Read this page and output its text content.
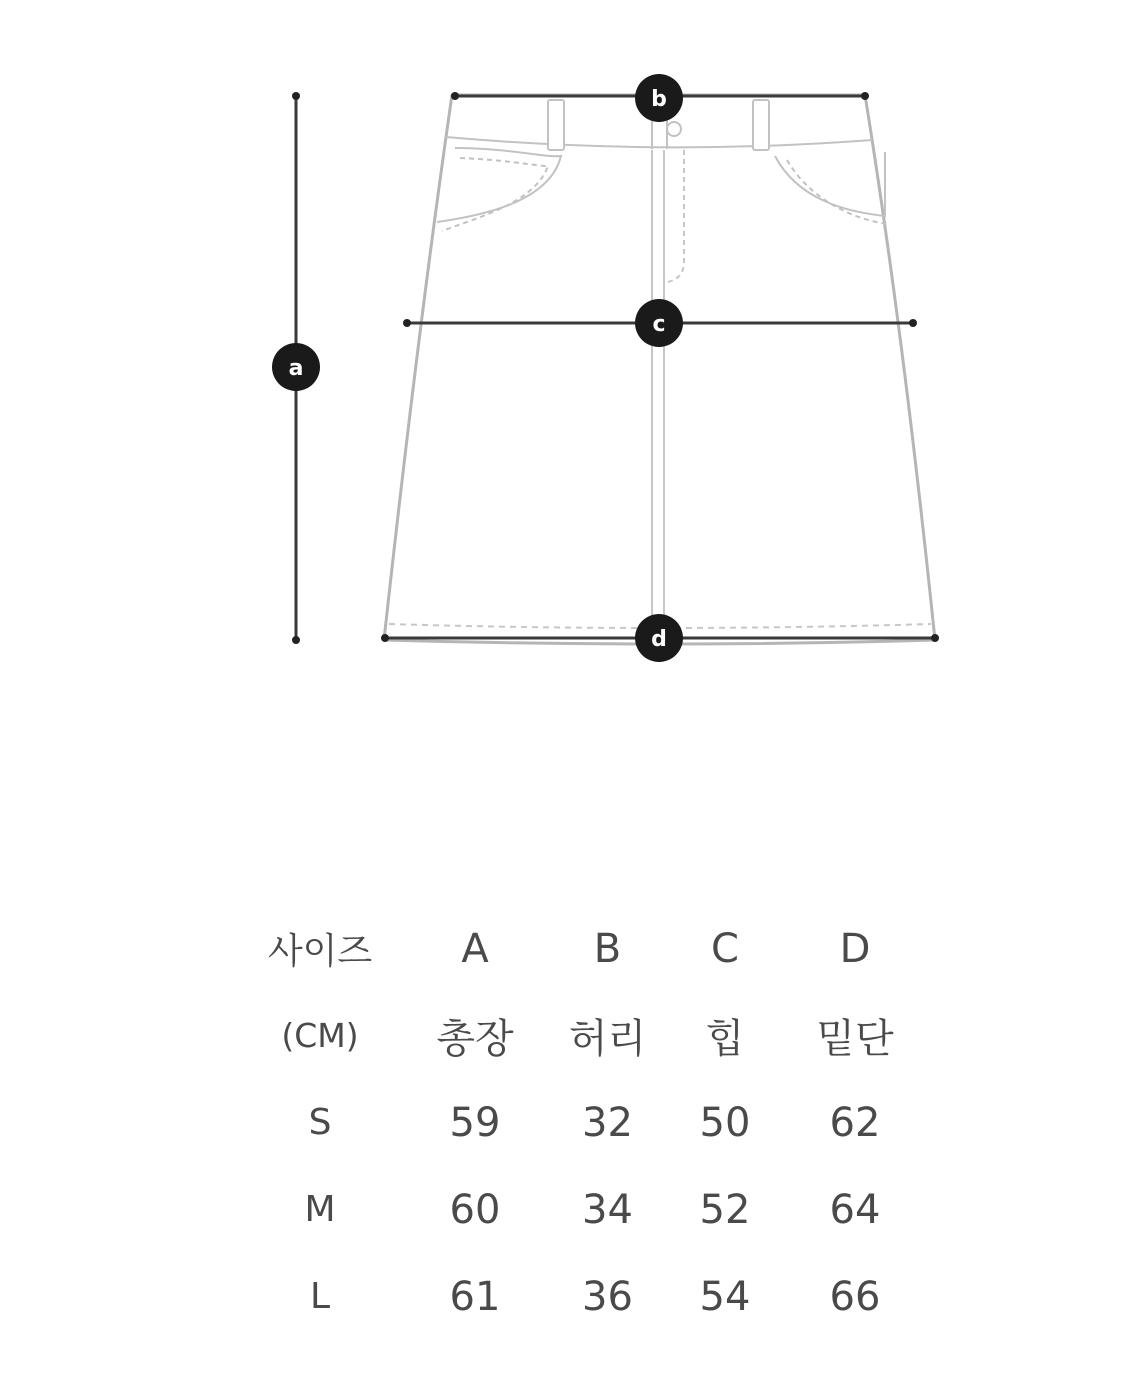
a
b
c
d
사이즈	A	B	C	D
(CM)	총장	허리	힙	밑단
S	59	32	50	62
M	60	34	52	64
L	61	36	54	66
